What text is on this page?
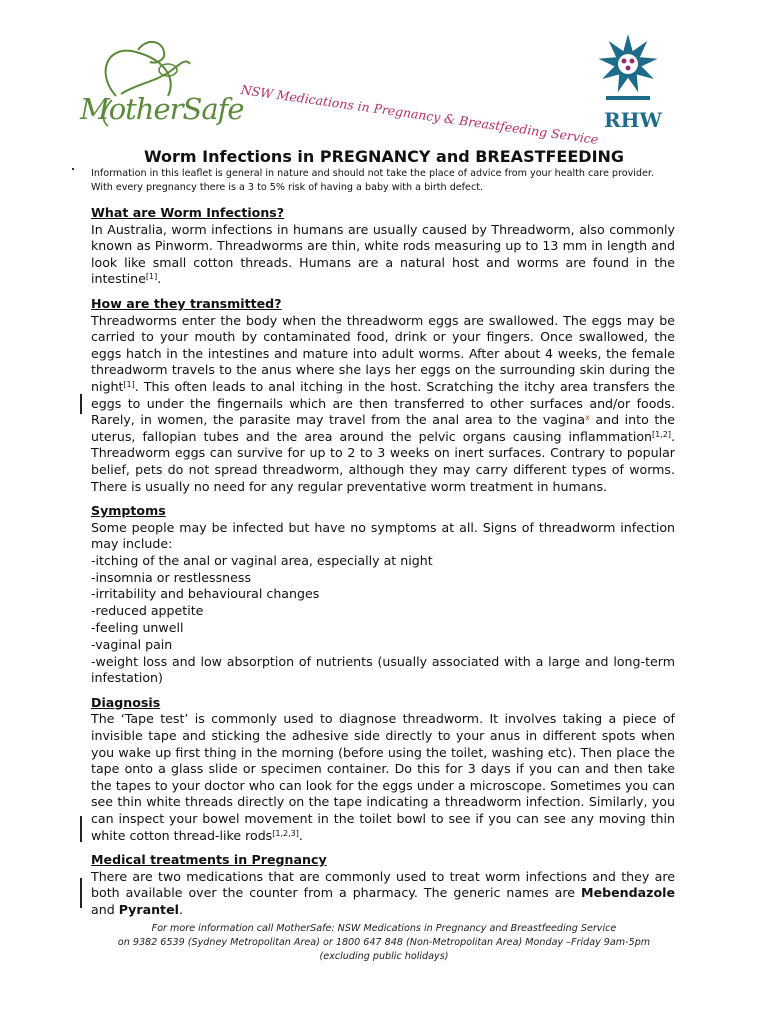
MotherSafe
NSW Medications in Pregnancy & Breastfeeding Service RHW
Worm Infections in PREGNANCY and BREASTFEEDING
Information in this leaflet is general in nature and should not take the place of advice from your health care provider.
With every pregnancy there is a 3 to 5% risk of having a baby with a birth defect.
What are Worm Infections?

In Australia, worm infections in humans are usually caused by Threadworm, also commonly known as Pinworm. Threadworms are thin, white rods measuring up to 13 mm in length and look like small cotton threads. Humans are a natural host and worms are found in the intestine[1].

How are they transmitted?

Threadworms enter the body when the threadworm eggs are swallowed. The eggs may be carried to your mouth by contaminated food, drink or your fingers. Once swallowed, the eggs hatch in the intestines and mature into adult worms. After about 4 weeks, the female threadworm travels to the anus where she lays her eggs on the surrounding skin during the night[1]. This often leads to anal itching in the host. Scratching the itchy area transfers the eggs to under the fingernails which are then transferred to other surfaces and/or foods. Rarely, in women, the parasite may travel from the anal area to the vagina$^x$ and into the uterus, fallopian tubes and the area around the pelvic organs causing inflammation[1,2]. Threadworm eggs can survive for up to 2 to 3 weeks on inert surfaces. Contrary to popular belief, pets do not spread threadworm, although they may carry different types of worms. There is usually no need for any regular preventative worm treatment in humans.

Symptoms

Some people may be infected but have no symptoms at all. Signs of threadworm infection may include:

-itching of the anal or vaginal area, especially at night
-insomnia or restlessness
-irritability and behavioural changes
-reduced appetite
-feeling unwell
-vaginal pain

-weight loss and low absorption of nutrients (usually associated with a large and long-term infestation)

Diagnosis

The ‘Tape test’ is commonly used to diagnose threadworm. It involves taking a piece of invisible tape and sticking the adhesive side directly to your anus in different spots when you wake up first thing in the morning (before using the toilet, washing etc). Then place the tape onto a glass slide or specimen container. Do this for 3 days if you can and then take the tapes to your doctor who can look for the eggs under a microscope. Sometimes you can see thin white threads directly on the tape indicating a threadworm infection. Similarly, you can inspect your bowel movement in the toilet bowl to see if you can see any moving thin white cotton thread-like rods[1,2,3].

Medical treatments in Pregnancy

There are two medications that are commonly used to treat worm infections and they are both available over the counter from a pharmacy. The generic names are Mebendazole and Pyrantel.

For more information call MotherSafe: NSW Medications in Pregnancy and Breastfeeding Service
on 9382 6539 (Sydney Metropolitan Area) or 1800 647 848 (Non-Metropolitan Area) Monday –Friday 9am-5pm
(excluding public holidays)
